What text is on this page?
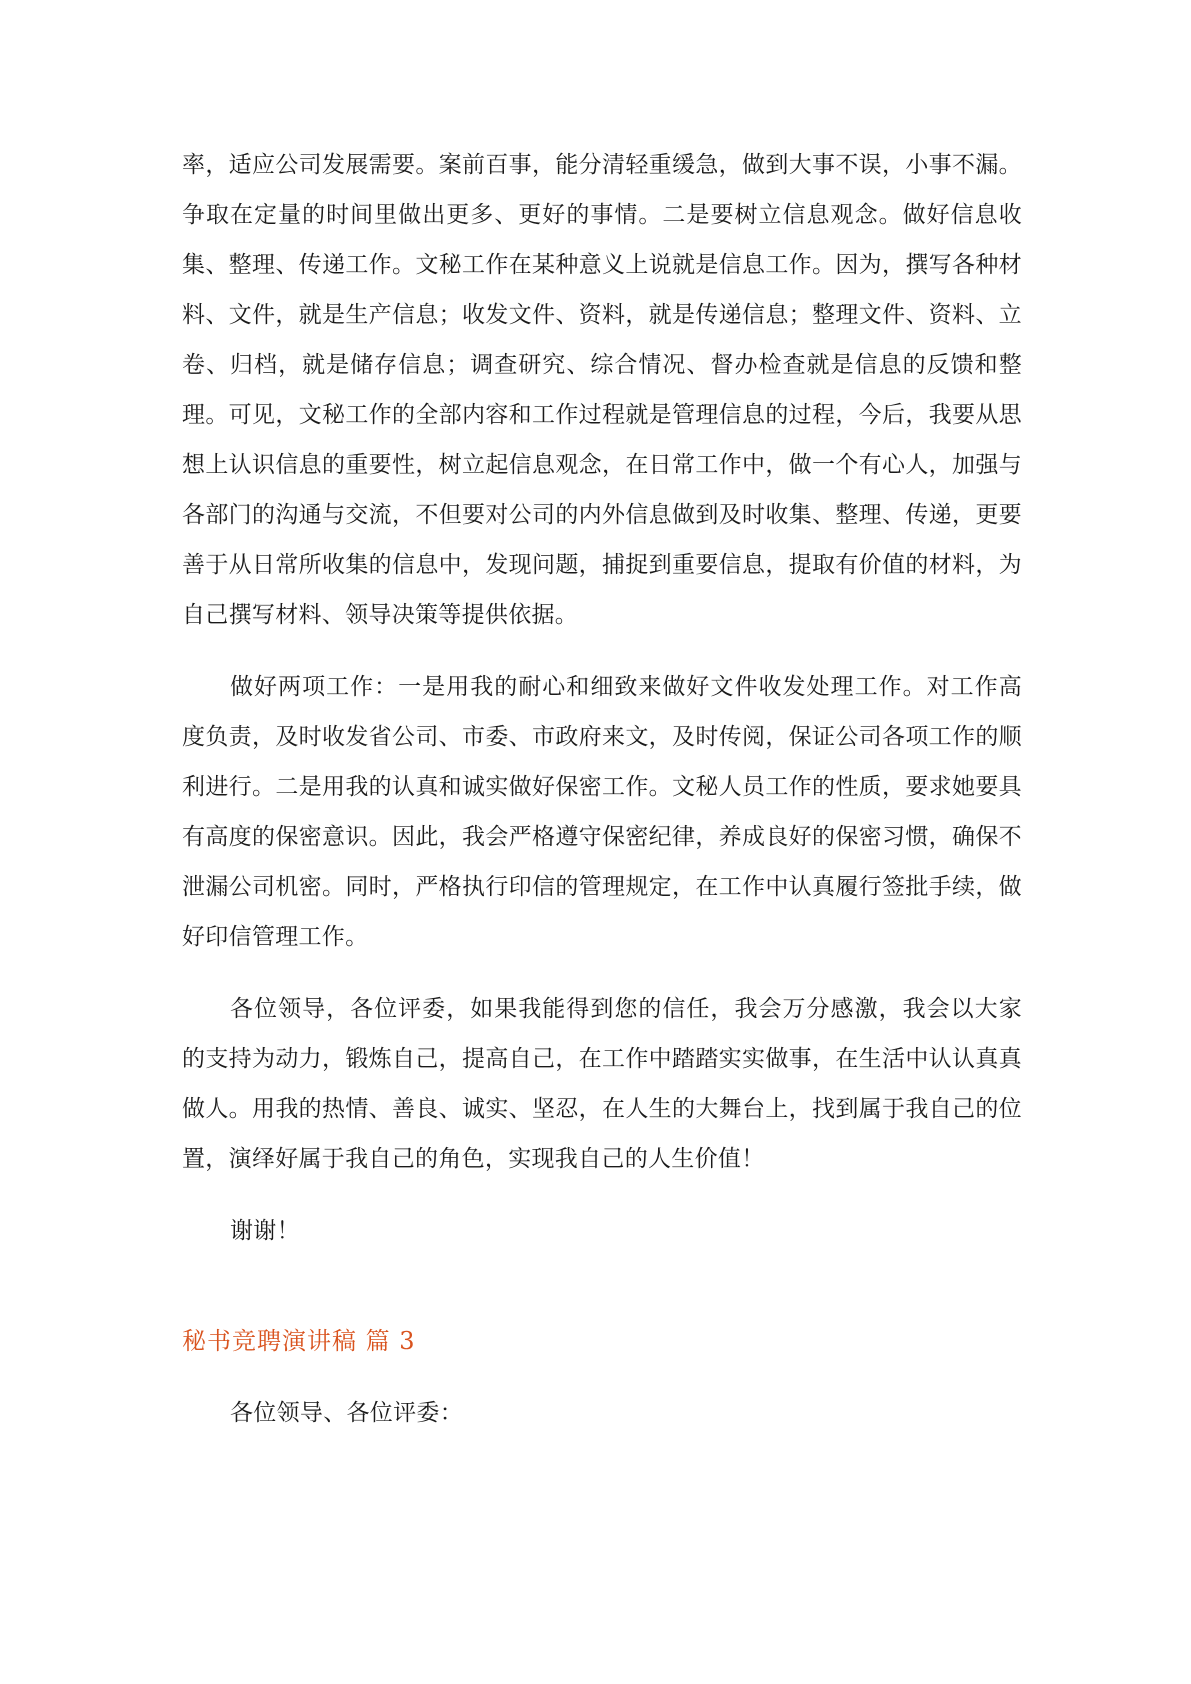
率，适应公司发展需要。案前百事，能分清轻重缓急，做到大事不误，小事不漏。争取在定量的时间里做出更多、更好的事情。二是要树立信息观念。做好信息收集、整理、传递工作。文秘工作在某种意义上说就是信息工作。因为，撰写各种材料、文件，就是生产信息；收发文件、资料，就是传递信息；整理文件、资料、立卷、归档，就是储存信息；调查研究、综合情况、督办检查就是信息的反馈和整理。可见，文秘工作的全部内容和工作过程就是管理信息的过程，今后，我要从思想上认识信息的重要性，树立起信息观念，在日常工作中，做一个有心人，加强与各部门的沟通与交流，不但要对公司的内外信息做到及时收集、整理、传递，更要善于从日常所收集的信息中，发现问题，捕捉到重要信息，提取有价值的材料，为自己撰写材料、领导决策等提供依据。

做好两项工作：一是用我的耐心和细致来做好文件收发处理工作。对工作高度负责，及时收发省公司、市委、市政府来文，及时传阅，保证公司各项工作的顺利进行。二是用我的认真和诚实做好保密工作。文秘人员工作的性质，要求她要具有高度的保密意识。因此，我会严格遵守保密纪律，养成良好的保密习惯，确保不泄漏公司机密。同时，严格执行印信的管理规定，在工作中认真履行签批手续，做好印信管理工作。

各位领导，各位评委，如果我能得到您的信任，我会万分感激，我会以大家的支持为动力，锻炼自己，提高自己，在工作中踏踏实实做事，在生活中认认真真做人。用我的热情、善良、诚实、坚忍，在人生的大舞台上，找到属于我自己的位置，演绎好属于我自己的角色，实现我自己的人生价值！

谢谢！

秘书竞聘演讲稿 篇 3

各位领导、各位评委：
